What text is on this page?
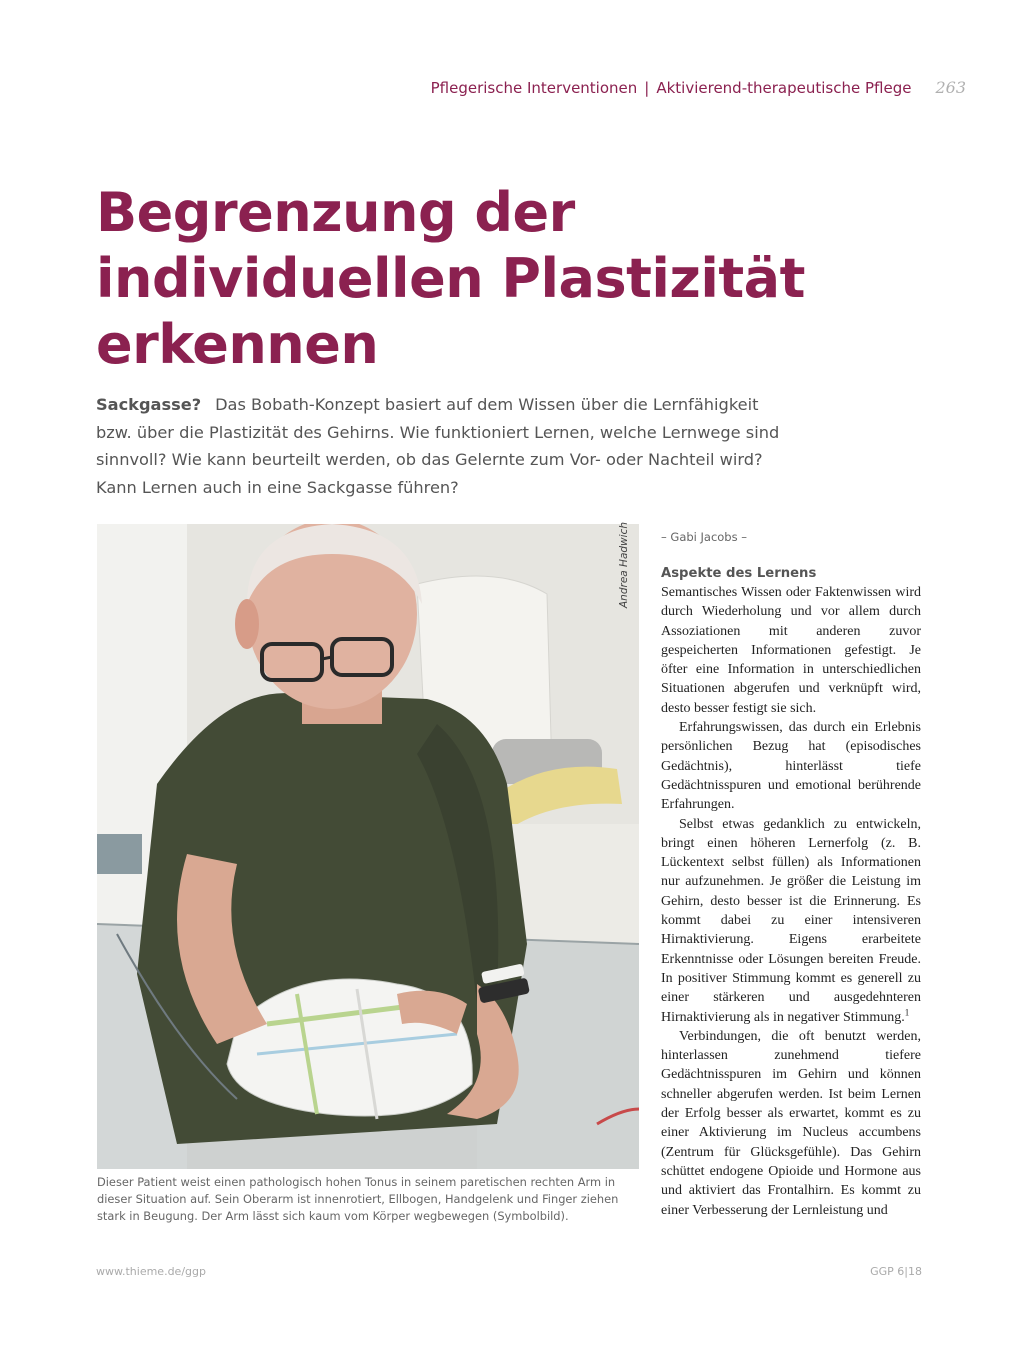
Pflegerische Interventionen | Aktivierend-therapeutische Pflege 263
Begrenzung der
individuellen Plastizität
erkennen

Sackgasse? Das Bobath-Konzept basiert auf dem Wissen über die Lernfähigkeit bzw. über die Plastizität des Gehirns. Wie funktioniert Lernen, welche Lernwege sind sinnvoll? Wie kann beurteilt werden, ob das Gelernte zum Vor- oder Nachteil wird? Kann Lernen auch in eine Sackgasse führen?

Andrea Hadwich

Dieser Patient weist einen pathologisch hohen Tonus in seinem paretischen rechten Arm in dieser Situation auf. Sein Oberarm ist innenrotiert, Ellbogen, Handgelenk und Finger ziehen stark in Beugung. Der Arm lässt sich kaum vom Körper wegbewegen (Symbolbild).

– Gabi Jacobs –

Aspekte des Lernens

Semantisches Wissen oder Faktenwissen wird durch Wiederholung und vor allem durch Assoziationen mit anderen zuvor gespeicherten Informationen gefestigt. Je öfter eine Information in unterschiedlichen Situationen abgerufen und verknüpft wird, desto besser festigt sie sich.

Erfahrungswissen, das durch ein Erlebnis persönlichen Bezug hat (episodisches Gedächtnis), hinterlässt tiefe Gedächtnisspuren und emotional berührende Erfahrungen.

Selbst etwas gedanklich zu entwickeln, bringt einen höheren Lernerfolg (z. B. Lückentext selbst füllen) als Informationen nur aufzunehmen. Je größer die Leistung im Gehirn, desto besser ist die Erinnerung. Es kommt dabei zu einer intensiveren Hirnaktivierung. Eigens erarbeitete Erkenntnisse oder Lösungen bereiten Freude. In positiver Stimmung kommt es generell zu einer stärkeren und ausgedehnteren Hirnaktivierung als in negativer Stimmung.$^1$

Verbindungen, die oft benutzt werden, hinterlassen zunehmend tiefere Gedächtnisspuren im Gehirn und können schneller abgerufen werden. Ist beim Lernen der Erfolg besser als erwartet, kommt es zu einer Aktivierung im Nucleus accumbens (Zentrum für Glücksgefühle). Das Gehirn schüttet endogene Opioide und Hormone aus und aktiviert das Frontalhirn. Es kommt zu einer Verbesserung der Lernleistung und

www.thieme.de/ggp	GGP 6|18
